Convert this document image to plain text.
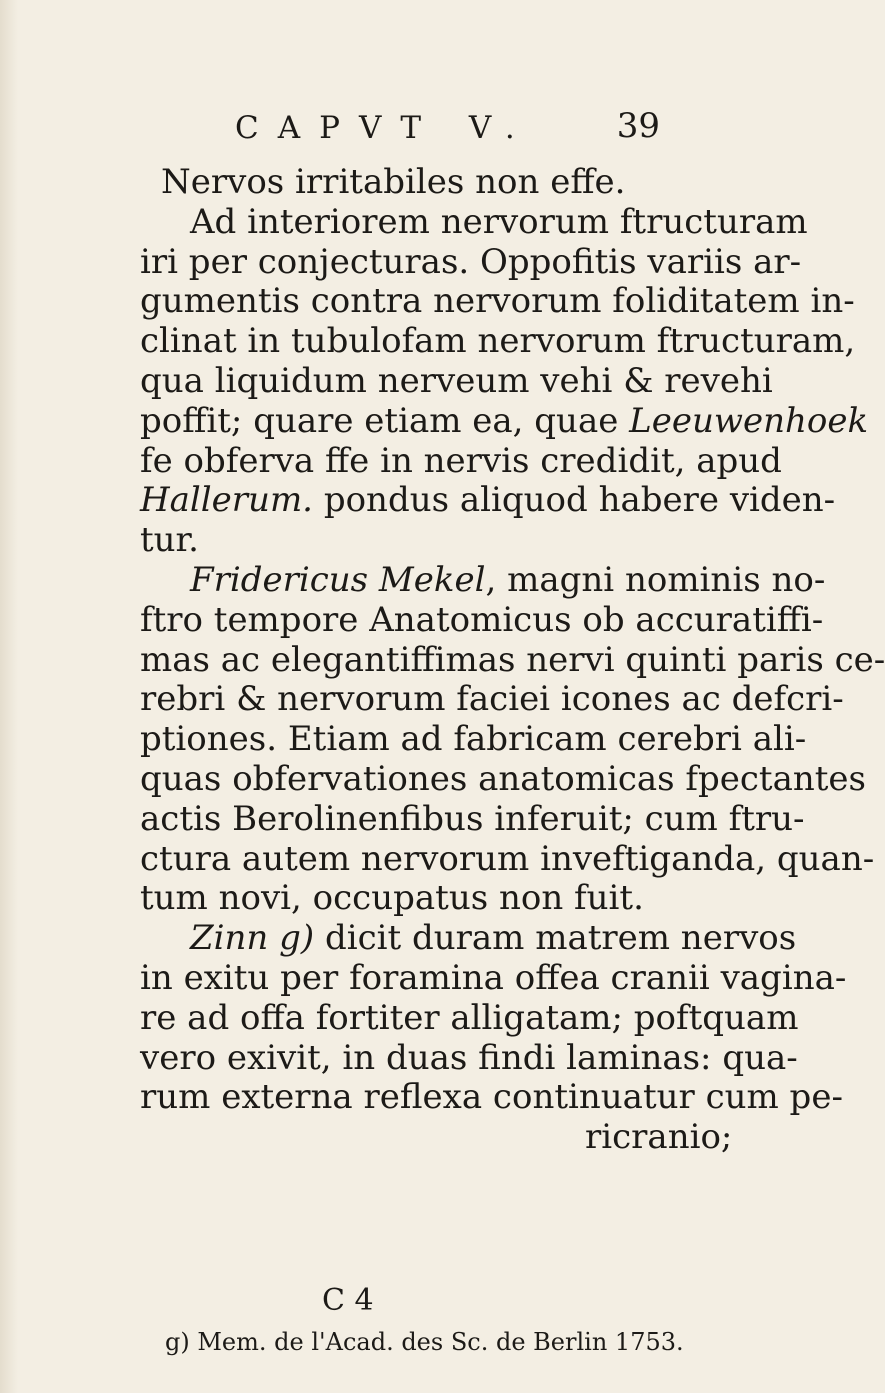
CAPVT V. 39
Nervos irritabiles non effe.
Ad interiorem nervorum ftructuram
iri per conjecturas. Oppofitis variis ar-
gumentis contra nervorum foliditatem in-
clinat in tubulofam nervorum ftructuram,
qua liquidum nerveum vehi & revehi
poffit; quare etiam ea, quae Leeuwenhoek
fe obferva ffe in nervis credidit, apud
Hallerum. pondus aliquod habere viden-
tur.
Fridericus Mekel, magni nominis no-
ftro tempore Anatomicus ob accuratiffi-
mas ac elegantiffimas nervi quinti paris ce-
rebri & nervorum faciei icones ac defcri-
ptiones. Etiam ad fabricam cerebri ali-
quas obfervationes anatomicas fpectantes
actis Berolinenfibus inferuit; cum ftru-
ctura autem nervorum inveftiganda, quan-
tum novi, occupatus non fuit.
Zinn g) dicit duram matrem nervos
in exitu per foramina offea cranii vagina-
re ad offa fortiter alligatam; poftquam
vero exivit, in duas findi laminas: qua-
rum externa reflexa continuatur cum pe-
ricranio;
C 4
g) Mem. de l'Acad. des Sc. de Berlin 1753.
